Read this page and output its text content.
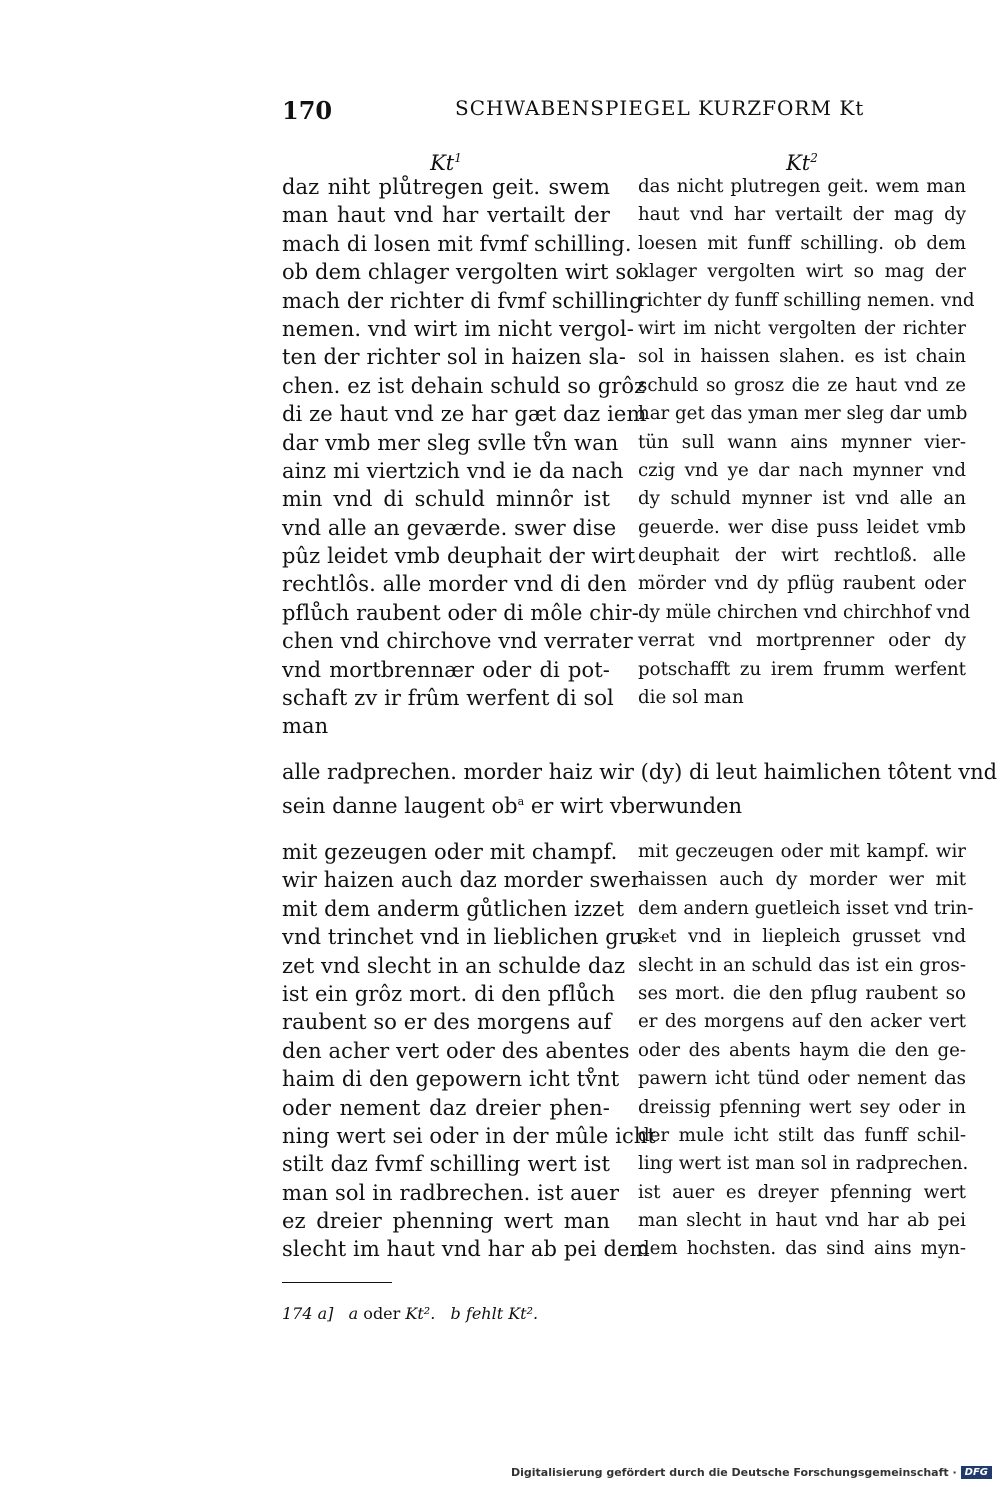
170	SCHWABENSPIEGEL KURZFORM Kt
Kt$^1$
daz niht plůtregen geit. swem
man haut vnd har vertailt der
mach di losen mit fvmf schilling.
ob dem chlager vergolten wirt so
mach der richter di fvmf schilling
nemen. vnd wirt im nicht vergol-
ten der richter sol in haizen sla-
chen. ez ist dehain schuld so grôz
di ze haut vnd ze har gæt daz iem
dar vmb mer sleg svlle tv̊n wan
ainz mi viertzich vnd ie da nach
min vnd di schuld minnôr ist
vnd alle an geværde. swer dise
pûz leidet vmb deuphait der wirt
rechtlôs. alle morder vnd di den
pflůch raubent oder di môle chir-
chen vnd chirchove vnd verrater
vnd mortbrennær oder di pot-
schaft zv ir frûm werfent di sol
man
Kt$^2$
das nicht plutregen geit. wem man
haut vnd har vertailt der mag dy
loesen mit funff schilling. ob dem
klager vergolten wirt so mag der
richter dy funff schilling nemen. vnd
wirt im nicht vergolten der richter
sol in haissen slahen. es ist chain
schuld so grosz die ze haut vnd ze
har get das yman mer sleg dar umb
tün sull wann ains mynner vier-
czig vnd ye dar nach mynner vnd
dy schuld mynner ist vnd alle an
geuerde. wer dise puss leidet vmb
deuphait der wirt rechtloß. alle
mörder vnd dy pflüg raubent oder
dy müle chirchen vnd chirchhof vnd
verrat vnd mortprenner oder dy
potschafft zu irem frumm werfent
die sol man
alle radprechen. morder haiz wir (dy) di leut haimlichen tôtent vnd
sein danne laugent $ob^a$ er wirt vberwunden
mit gezeugen oder mit champf.
wir haizen auch daz morder swer
mit dem anderm gůtlichen izzet
vnd trinchet vnd in lieblichen gru-
zet vnd slecht in an schulde daz
ist ein grôz mort. di den pflůch
raubent so er des morgens auf
den acher vert oder des abentes
haim di den gepowern icht tv̊nt
oder nement daz dreier phen-
ning wert sei oder in der mûle icht
stilt daz fvmf schilling wert ist
man sol in radbrechen. ist auer
ez dreier phenning wert man
slecht im haut vnd har ab pei dem
mit geczeugen oder mit kampf. wir
haissen auch dy morder wer mit
dem andern guetleich isset vnd trin-
ckҽt vnd in liepleich grusset vnd
slecht in an schuld das ist ein gros-
ses mort. die den pflug raubent so
er des morgens auf den acker vert
oder des abents haym die den ge-
pawern icht tünd oder nement das
dreissig pfenning wert sey oder in
der mule icht stilt das funff schil-
ling wert ist man sol in radprechen.
ist auer es dreyer pfenning wert
man slecht in haut vnd har ab pei
dem hochsten. das sind ains myn-
174 a] a oder Kt². b fehlt Kt².
Digitalisierung gefördert durch die Deutsche Forschungsgemeinschaft · DFG
